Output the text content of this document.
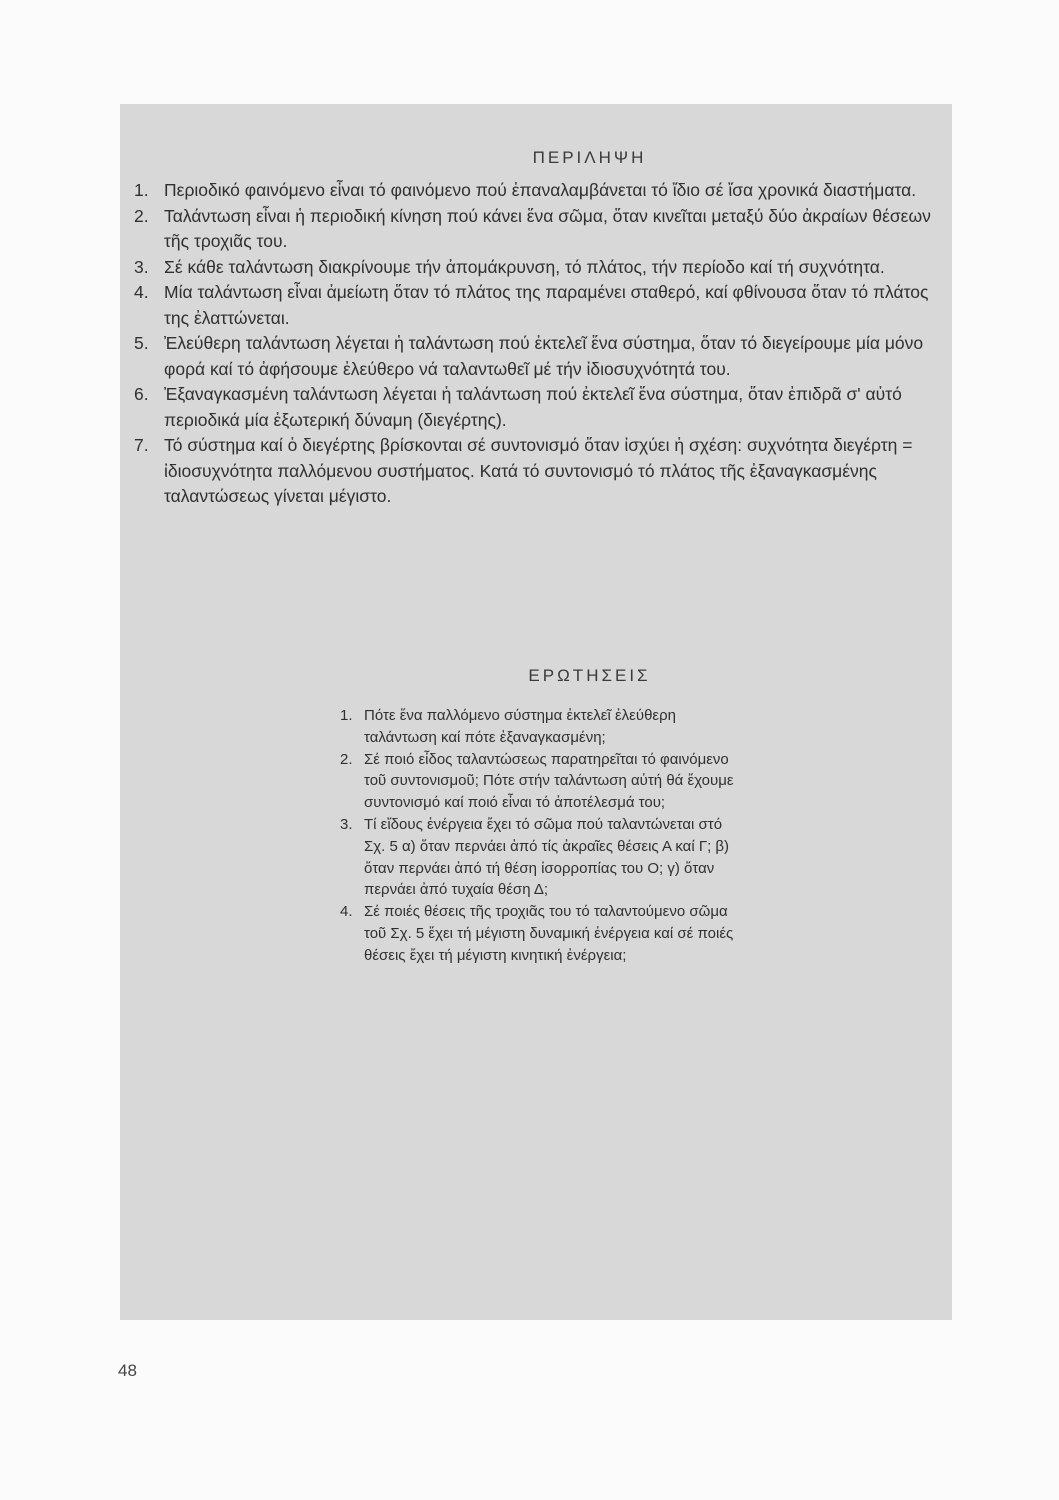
ΠΕΡΙΛΗΨΗ
1. Περιοδικό φαινόμενο εἶναι τό φαινόμενο πού ἐπαναλαμβάνεται τό ἴδιο σέ ἴσα χρονικά διαστήματα.
2. Ταλάντωση εἶναι ἡ περιοδική κίνηση πού κάνει ἕνα σῶμα, ὅταν κινεῖται μεταξύ δύο ἀκραίων θέσεων τῆς τροχιᾶς του.
3. Σέ κάθε ταλάντωση διακρίνουμε τήν ἀπομάκρυνση, τό πλάτος, τήν περίοδο καί τή συχνότητα.
4. Μία ταλάντωση εἶναι ἀμείωτη ὅταν τό πλάτος της παραμένει σταθερό, καί φθίνουσα ὅταν τό πλάτος της ἐλαττώνεται.
5. Ἐλεύθερη ταλάντωση λέγεται ἡ ταλάντωση πού ἐκτελεῖ ἕνα σύστημα, ὅταν τό διεγείρουμε μία μόνο φορά καί τό ἀφήσουμε ἐλεύθερο νά ταλαντωθεῖ μέ τήν ἰδιοσυχνότητά του.
6. Ἐξαναγκασμένη ταλάντωση λέγεται ἡ ταλάντωση πού ἐκτελεῖ ἕνα σύστημα, ὅταν ἐπιδρᾶ σ' αὐτό περιοδικά μία ἐξωτερική δύναμη (διεγέρτης).
7. Τό σύστημα καί ὁ διεγέρτης βρίσκονται σέ συντονισμό ὅταν ἰσχύει ἡ σχέση: συχνότητα διεγέρτη = ἰδιοσυχνότητα παλλόμενου συστήματος. Κατά τό συντονισμό τό πλάτος τῆς ἐξαναγκασμένης ταλαντώσεως γίνεται μέγιστο.
ΕΡΩΤΗΣΕΙΣ
1. Πότε ἕνα παλλόμενο σύστημα ἐκτελεῖ ἐλεύθερη ταλάντωση καί πότε ἐξαναγκασμένη;
2. Σέ ποιό εἶδος ταλαντώσεως παρατηρεῖται τό φαινόμενο τοῦ συντονισμοῦ; Πότε στήν ταλάντωση αὐτή θά ἔχουμε συντονισμό καί ποιό εἶναι τό ἀποτέλεσμά του;
3. Τί εἴδους ἐνέργεια ἔχει τό σῶμα πού ταλαντώνεται στό Σχ. 5 α) ὅταν περνάει ἀπό τίς ἀκραῖες θέσεις Α καί Γ; β) ὅταν περνάει ἀπό τή θέση ἰσορροπίας του Ο; γ) ὅταν περνάει ἀπό τυχαία θέση Δ;
4. Σέ ποιές θέσεις τῆς τροχιᾶς του τό ταλαντούμενο σῶμα τοῦ Σχ. 5 ἔχει τή μέγιστη δυναμική ἐνέργεια καί σέ ποιές θέσεις ἔχει τή μέγιστη κινητική ἐνέργεια;
48
